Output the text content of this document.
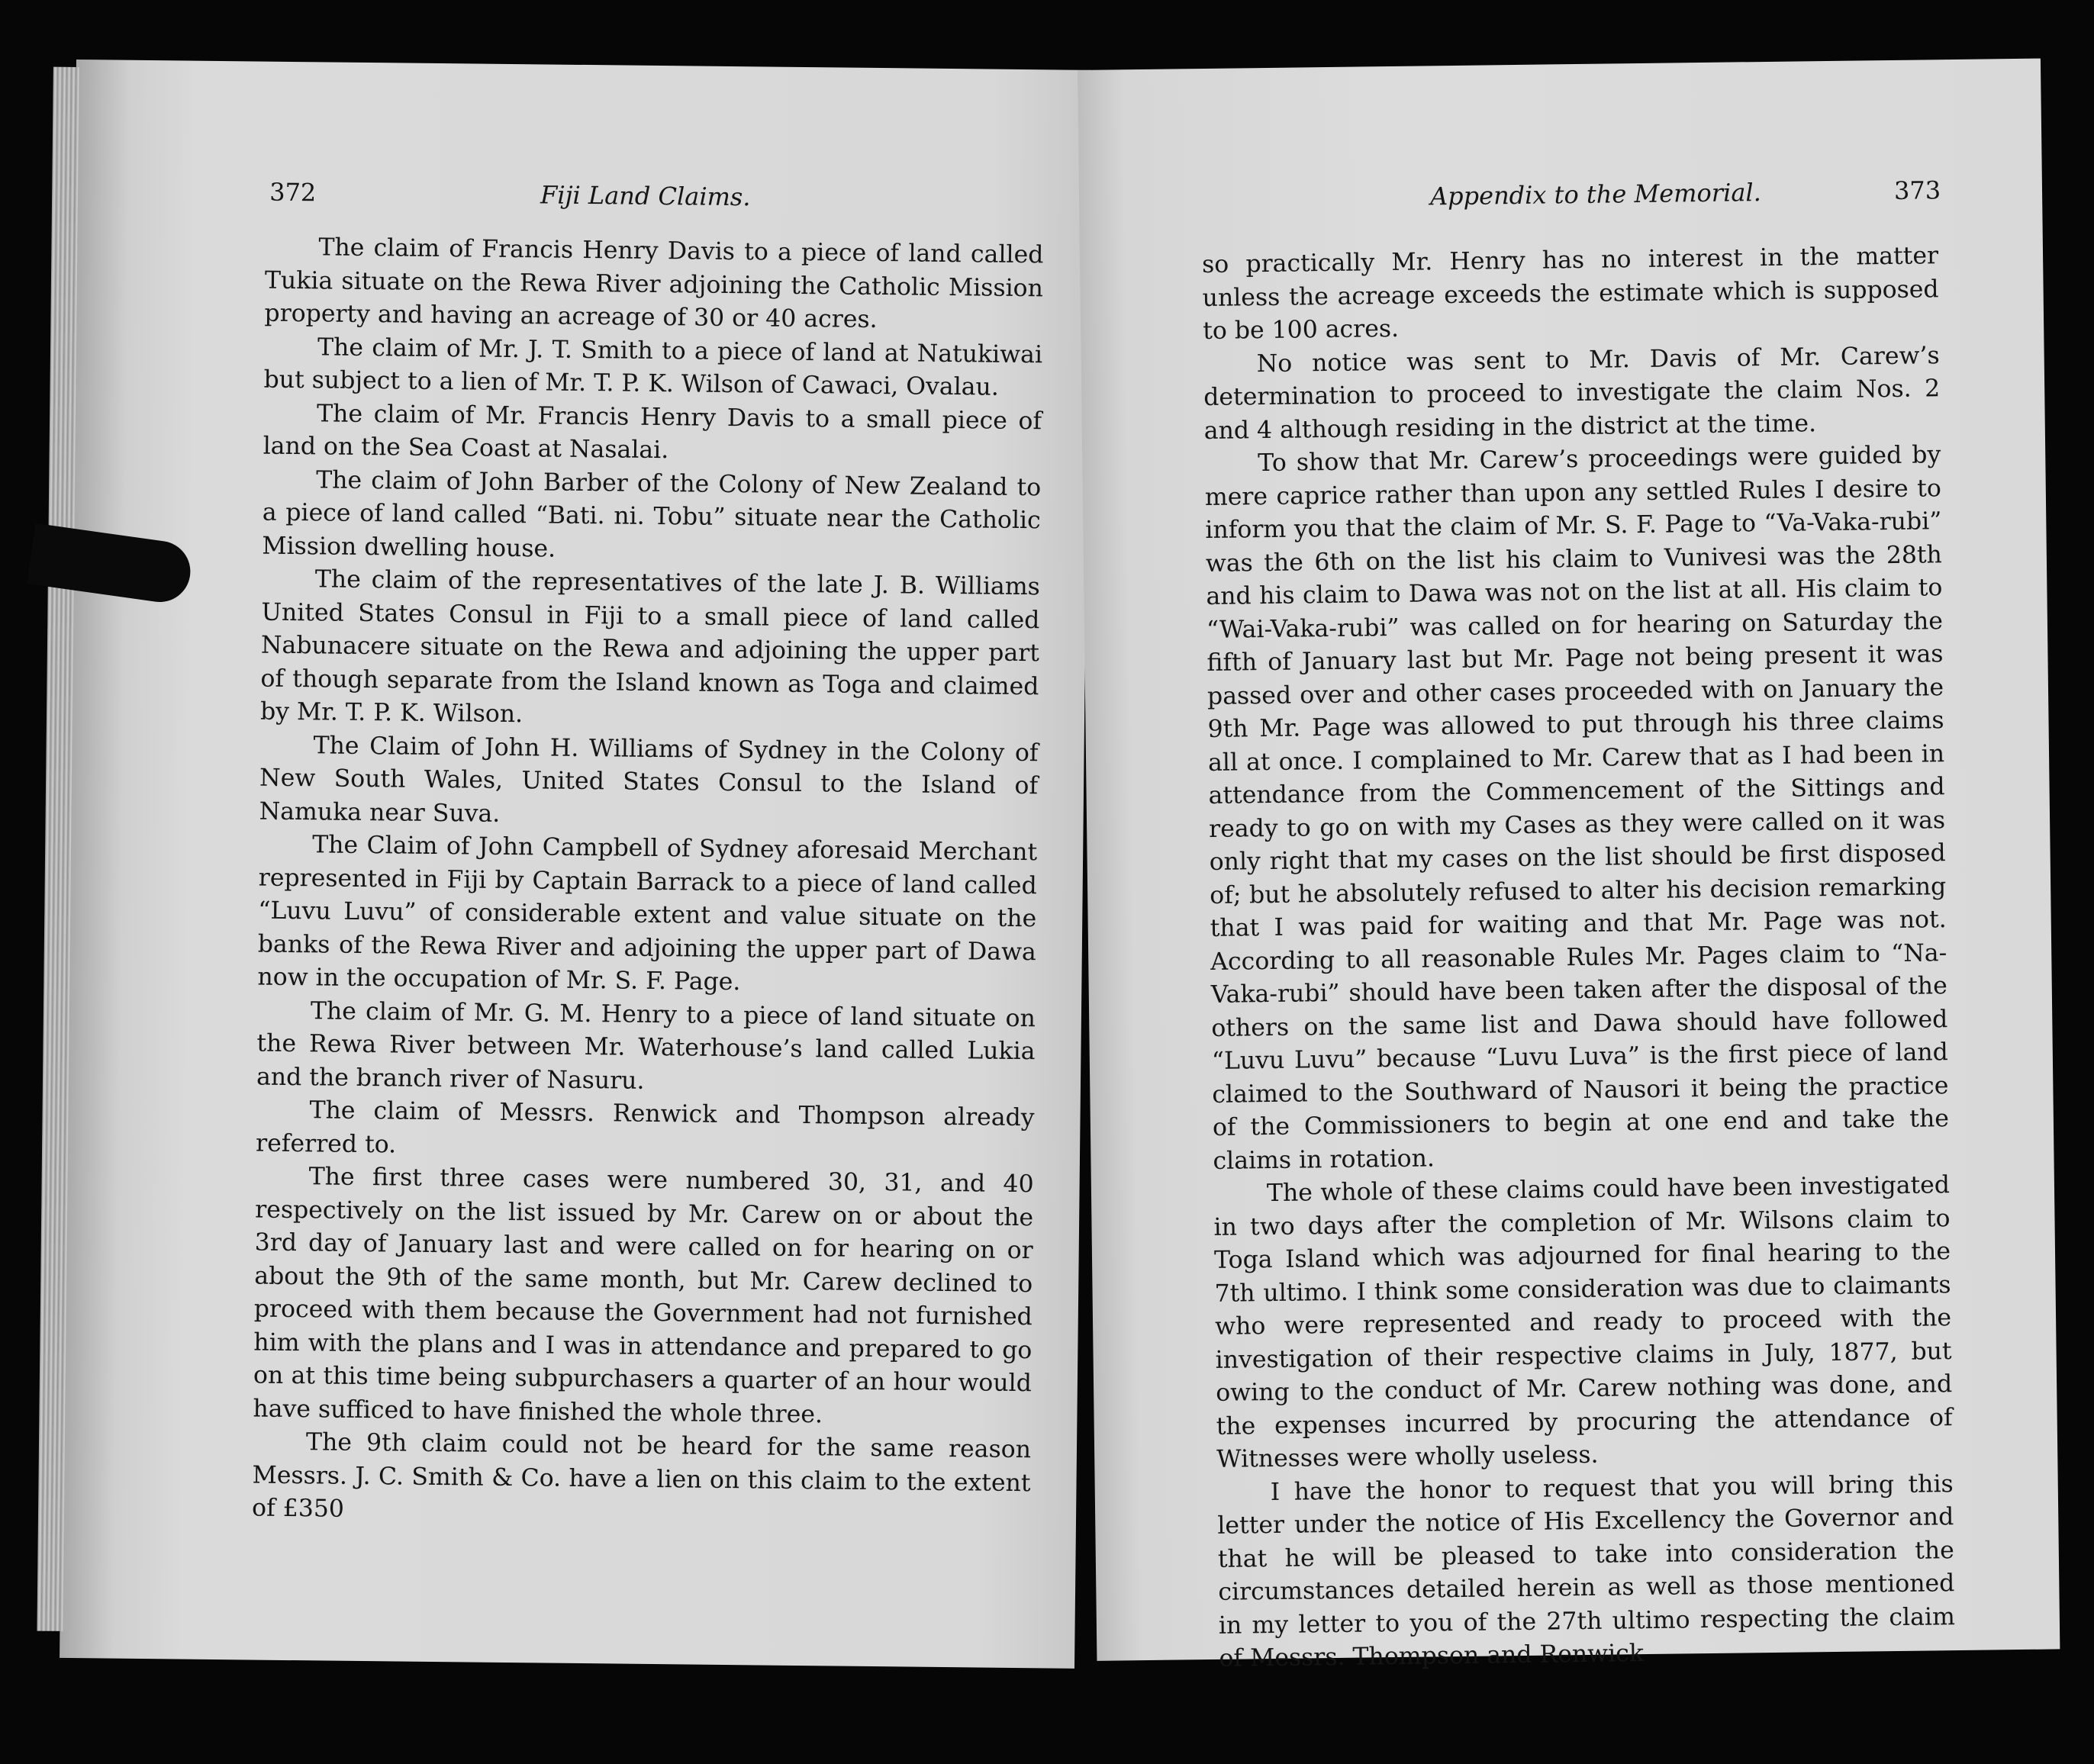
372	Fiji Land Claims.

The claim of Francis Henry Davis to a piece of land called Tukia situate on the Rewa River adjoining the Catholic Mission property and having an acreage of 30 or 40 acres.

The claim of Mr. J. T. Smith to a piece of land at Natukiwai but subject to a lien of Mr. T. P. K. Wilson of Cawaci, Ovalau.

The claim of Mr. Francis Henry Davis to a small piece of land on the Sea Coast at Nasalai.

The claim of John Barber of the Colony of New Zealand to a piece of land called “Bati. ni. Tobu” situate near the Catholic Mission dwelling house.

The claim of the representatives of the late J. B. Williams United States Consul in Fiji to a small piece of land called Nabunacere situate on the Rewa and adjoining the upper part of though separate from the Island known as Toga and claimed by Mr. T. P. K. Wilson.

The Claim of John H. Williams of Sydney in the Colony of New South Wales, United States Consul to the Island of Namuka near Suva.

The Claim of John Campbell of Sydney aforesaid Merchant represented in Fiji by Captain Barrack to a piece of land called “Luvu Luvu” of considerable extent and value situate on the banks of the Rewa River and adjoining the upper part of Dawa now in the occupation of Mr. S. F. Page.

The claim of Mr. G. M. Henry to a piece of land situate on the Rewa River between Mr. Waterhouse’s land called Lukia and the branch river of Nasuru.

The claim of Messrs. Renwick and Thompson already referred to.

The first three cases were numbered 30, 31, and 40 respectively on the list issued by Mr. Carew on or about the 3rd day of January last and were called on for hearing on or about the 9th of the same month, but Mr. Carew declined to proceed with them because the Government had not furnished him with the plans and I was in attendance and prepared to go on at this time being subpurchasers a quarter of an hour would have sufficed to have finished the whole three.

The 9th claim could not be heard for the same reason Messrs. J. C. Smith & Co. have a lien on this claim to the extent of £350

Appendix to the Memorial.	373

so practically Mr. Henry has no interest in the matter unless the acreage exceeds the estimate which is supposed to be 100 acres.

No notice was sent to Mr. Davis of Mr. Carew’s determination to proceed to investigate the claim Nos. 2 and 4 although residing in the district at the time.

To show that Mr. Carew’s proceedings were guided by mere caprice rather than upon any settled Rules I desire to inform you that the claim of Mr. S. F. Page to “Va-Vaka-rubi” was the 6th on the list his claim to Vunivesi was the 28th and his claim to Dawa was not on the list at all. His claim to “Wai-Vaka-rubi” was called on for hearing on Saturday the fifth of January last but Mr. Page not being present it was passed over and other cases proceeded with on January the 9th Mr. Page was allowed to put through his three claims all at once. I complained to Mr. Carew that as I had been in attendance from the Commencement of the Sittings and ready to go on with my Cases as they were called on it was only right that my cases on the list should be first disposed of; but he absolutely refused to alter his decision remarking that I was paid for waiting and that Mr. Page was not. According to all reasonable Rules Mr. Pages claim to “Na-Vaka-rubi” should have been taken after the disposal of the others on the same list and Dawa should have followed “Luvu Luvu” because “Luvu Luva” is the first piece of land claimed to the Southward of Nausori it being the practice of the Commissioners to begin at one end and take the claims in rotation.

The whole of these claims could have been investigated in two days after the completion of Mr. Wilsons claim to Toga Island which was adjourned for final hearing to the 7th ultimo. I think some consideration was due to claimants who were represented and ready to proceed with the investigation of their respective claims in July, 1877, but owing to the conduct of Mr. Carew nothing was done, and the expenses incurred by procuring the attendance of Witnesses were wholly useless.

I have the honor to request that you will bring this letter under the notice of His Excellency the Governor and that he will be pleased to take into consideration the circumstances detailed herein as well as those mentioned in my letter to you of the 27th ultimo respecting the claim of Messrs. Thompson and Renwick
